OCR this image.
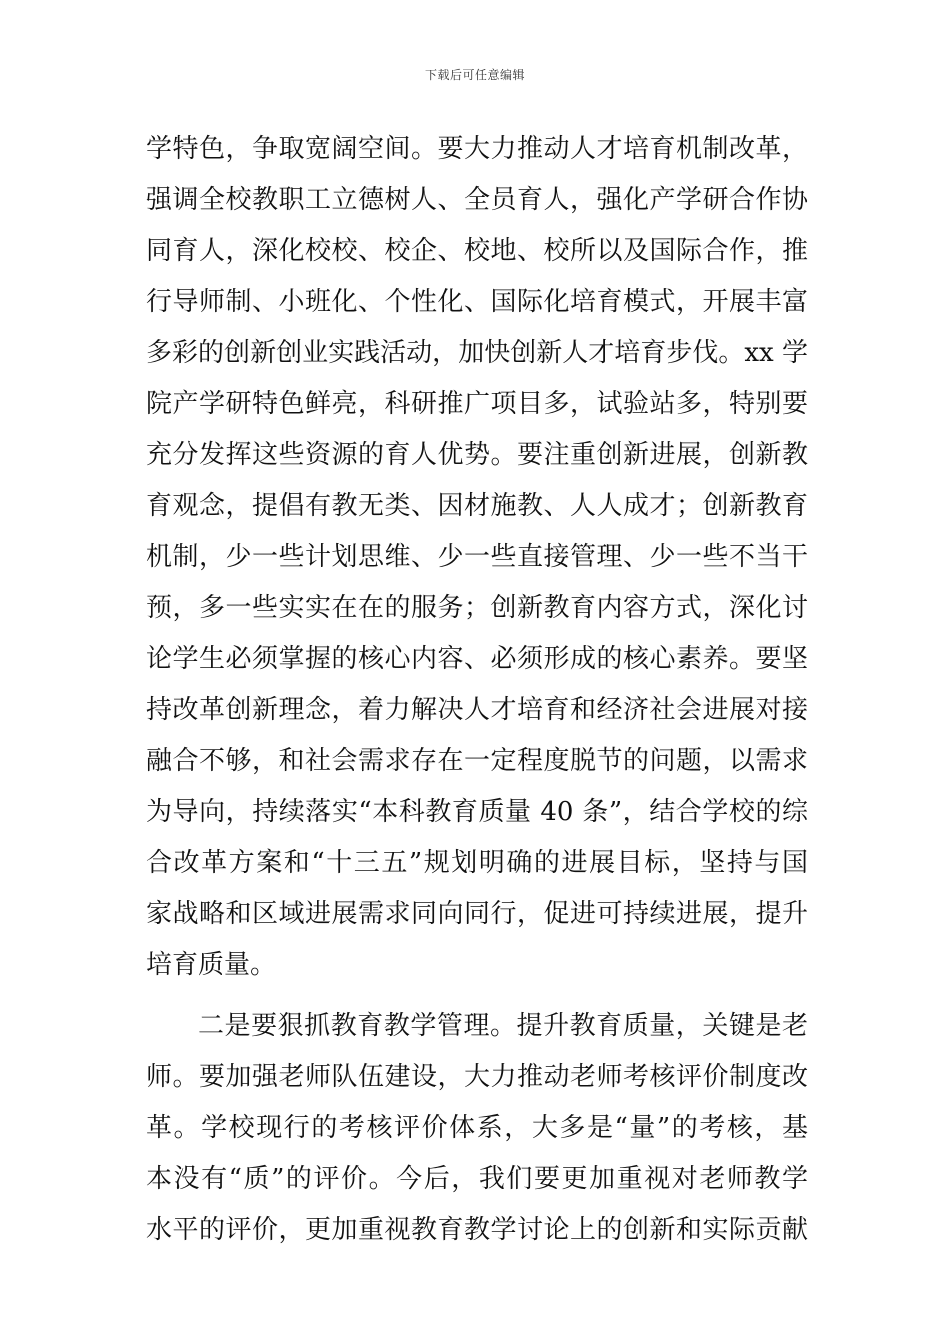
下载后可任意编辑
学特色，争取宽阔空间。要大力推动人才培育机制改革，
强调全校教职工立德树人、全员育人，强化产学研合作协
同育人，深化校校、校企、校地、校所以及国际合作，推
行导师制、小班化、个性化、国际化培育模式，开展丰富
多彩的创新创业实践活动，加快创新人才培育步伐。xx 学
院产学研特色鲜亮，科研推广项目多，试验站多，特别要
充分发挥这些资源的育人优势。要注重创新进展，创新教
育观念，提倡有教无类、因材施教、人人成才；创新教育
机制，少一些计划思维、少一些直接管理、少一些不当干
预，多一些实实在在的服务；创新教育内容方式，深化讨
论学生必须掌握的核心内容、必须形成的核心素养。要坚
持改革创新理念，着力解决人才培育和经济社会进展对接
融合不够，和社会需求存在一定程度脱节的问题，以需求
为导向，持续落实“本科教育质量 40 条”，结合学校的综
合改革方案和“十三五”规划明确的进展目标，坚持与国
家战略和区域进展需求同向同行，促进可持续进展，提升
培育质量。
二是要狠抓教育教学管理。提升教育质量，关键是老
师。要加强老师队伍建设，大力推动老师考核评价制度改
革。学校现行的考核评价体系，大多是“量”的考核，基
本没有“质”的评价。今后，我们要更加重视对老师教学
水平的评价，更加重视教育教学讨论上的创新和实际贡献
